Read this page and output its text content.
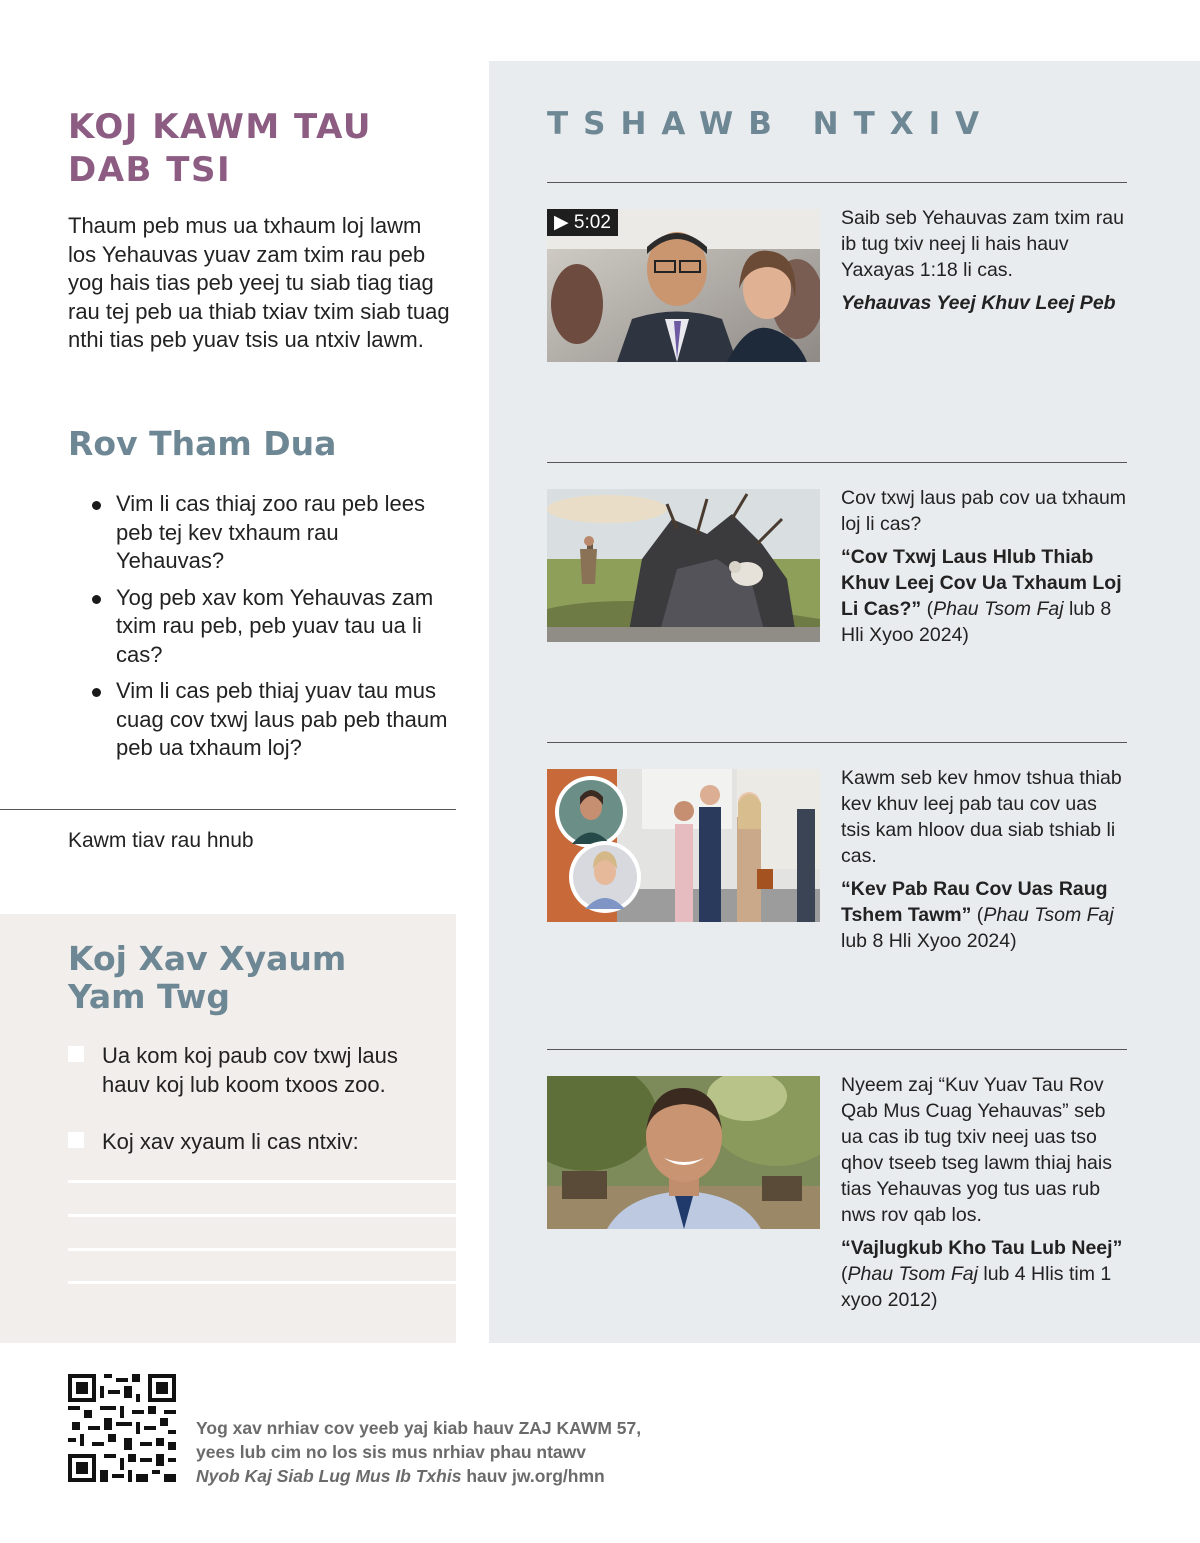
KOJ KAWM TAU
DAB TSI

Thaum peb mus ua txhaum loj lawm los Yehauvas yuav zam txim rau peb yog hais tias peb yeej tu siab tiag tiag rau tej peb ua thiab txiav txim siab tuag nthi tias peb yuav tsis ua ntxiv lawm.

Rov Tham Dua
Vim li cas thiaj zoo rau peb lees peb tej kev txhaum rau Yehauvas?
Yog peb xav kom Yehauvas zam txim rau peb, peb yuav tau ua li cas?
Vim li cas peb thiaj yuav tau mus cuag cov txwj laus pab peb thaum peb ua txhaum loj?
Kawm tiav rau hnub
Koj Xav Xyaum
Yam Twg
Ua kom koj paub cov txwj laus hauv koj lub koom txoos zoo.
Koj xav xyaum li cas ntxiv:
TSHAWB NTXIV
▶ 5:02	Saib seb Yehauvas zam txim rau ib tug txiv neej li hais hauv Yaxayas 1:18 li cas.
Yehauvas Yeej Khuv Leej Peb
Cov txwj laus pab cov ua txhaum loj li cas?
“Cov Txwj Laus Hlub Thiab Khuv Leej Cov Ua Txhaum Loj Li Cas?” (Phau Tsom Faj lub 8 Hli Xyoo 2024)
Kawm seb kev hmov tshua thiab kev khuv leej pab tau cov uas tsis kam hloov dua siab tshiab li cas.
“Kev Pab Rau Cov Uas Raug Tshem Tawm” (Phau Tsom Faj lub 8 Hli Xyoo 2024)
Nyeem zaj “Kuv Yuav Tau Rov Qab Mus Cuag Yehauvas” seb ua cas ib tug txiv neej uas tso qhov tseeb tseg lawm thiaj hais tias Yehauvas yog tus uas rub nws rov qab los.
“Vajlugkub Kho Tau Lub Neej”
(Phau Tsom Faj lub 4 Hlis tim 1 xyoo 2012)
Yog xav nrhiav cov yeeb yaj kiab hauv ZAJ KAWM 57,
yees lub cim no los sis mus nrhiav phau ntawv
Nyob Kaj Siab Lug Mus Ib Txhis hauv jw.org/hmn
